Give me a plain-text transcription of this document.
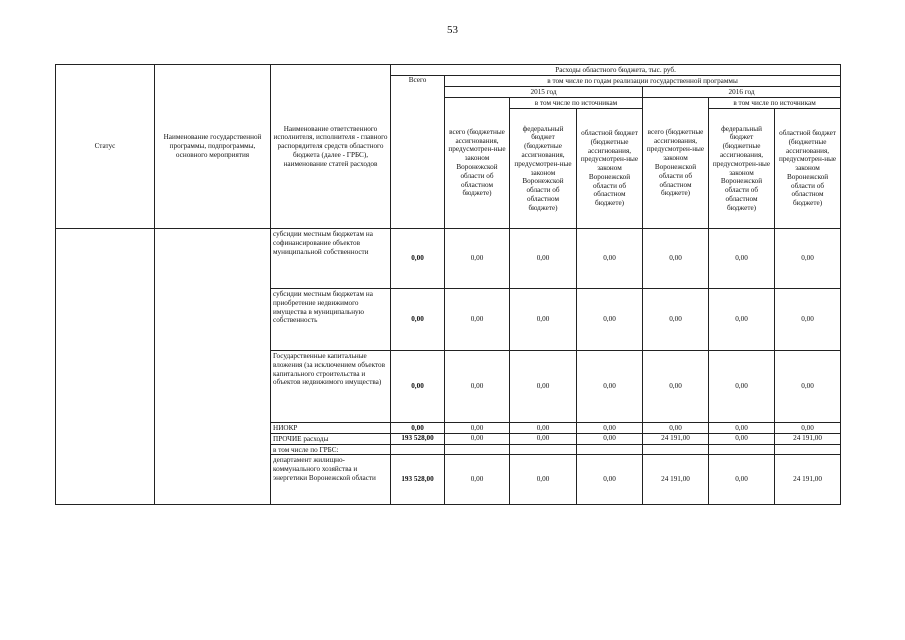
53
Статус	Наименование государственной программы, подпрограммы, основного мероприятия	Наименование ответственного исполнителя, исполнителя - главного распорядителя средств областного бюджета (далее - ГРБС), наименование статей расходов	Расходы областного бюджета, тыс. руб.						
			Всего	в том числе по годам реализации государственной программы					
				2015 год			2016 год		
				всего (бюджетные ассигнования, предусмотрен-ные законом Воронежской области об областном бюджете)	в том числе по источникам		всего (бюджетные ассигнования, предусмотрен-ные законом Воронежской области об областном бюджете)	в том числе по источникам	
					федеральный бюджет (бюджетные ассигнования, предусмотрен-ные законом Воронежской области об областном бюджете)	областной бюджет (бюджетные ассигнования, предусмотрен-ные законом Воронежской области об областном бюджете)		федеральный бюджет (бюджетные ассигнования, предусмотрен-ные законом Воронежской области об областном бюджете)	областной бюджет (бюджетные ассигнования, предусмотрен-ные законом Воронежской области об областном бюджете)
		субсидии местным бюджетам на софинансирование объектов муниципальной собственности	0,00	0,00	0,00	0,00	0,00	0,00	0,00
		субсидии местным бюджетам на приобретение недвижимого имущества в муниципальную собственность	0,00	0,00	0,00	0,00	0,00	0,00	0,00
		Государственные капитальные вложения (за исключением объектов капитального строительства и объектов недвижимого имущества)	0,00	0,00	0,00	0,00	0,00	0,00	0,00
		НИОКР	0,00	0,00	0,00	0,00	0,00	0,00	0,00
		ПРОЧИЕ расходы	193 528,00	0,00	0,00	0,00	24 191,00	0,00	24 191,00
		в том числе по ГРБС:							
		департамент жилищно-коммунального хозяйства и энергетики Воронежской области	193 528,00	0,00	0,00	0,00	24 191,00	0,00	24 191,00
